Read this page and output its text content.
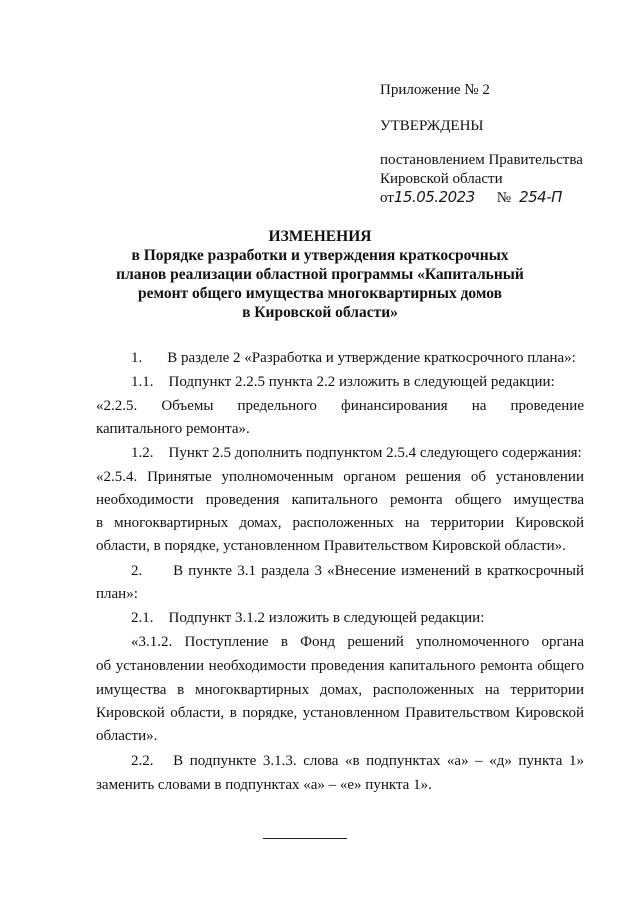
Приложение № 2
УТВЕРЖДЕНЫ
постановлением Правительства
Кировской области
от15.05.2023 № 254-П
ИЗМЕНЕНИЯ
в Порядке разработки и утверждения краткосрочных
планов реализации областной программы «Капитальный
ремонт общего имущества многоквартирных домов
в Кировской области»
1. В разделе 2 «Разработка и утверждение краткосрочного плана»:
1.1. Подпункт 2.2.5 пункта 2.2 изложить в следующей редакции:
«2.2.5. Объемы предельного финансирования на проведение
капитального ремонта».
1.2. Пункт 2.5 дополнить подпунктом 2.5.4 следующего содержания:
«2.5.4. Принятые уполномоченным органом решения об установлении
необходимости проведения капитального ремонта общего имущества
в многоквартирных домах, расположенных на территории Кировской
области, в порядке, установленном Правительством Кировской области».
2.      В пункте 3.1 раздела 3 «Внесение изменений в краткосрочный
план»:
2.1. Подпункт 3.1.2 изложить в следующей редакции:
«3.1.2. Поступление в Фонд решений уполномоченного органа
об установлении необходимости проведения капитального ремонта общего
имущества в многоквартирных домах, расположенных на территории
Кировской области, в порядке, установленном Правительством Кировской
области».
2.2.   В подпункте 3.1.3. слова «в подпунктах «а» – «д» пункта 1»
заменить словами в подпунктах «а» – «е» пункта 1».
